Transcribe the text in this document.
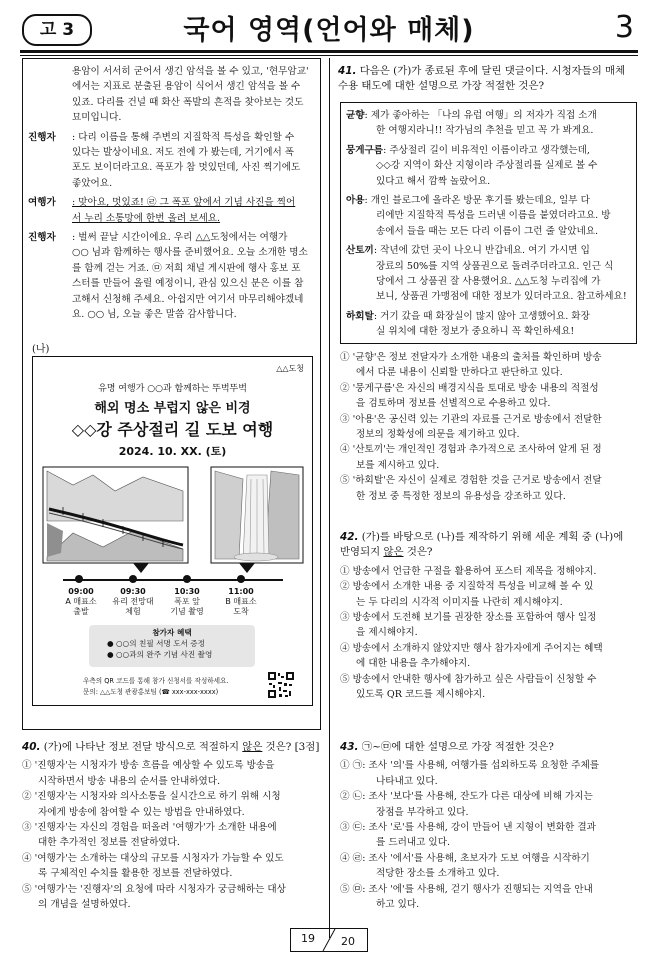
고 3	국어 영역(언어와 매체)	3

용암이 서서히 굳어서 생긴 암석을 볼 수 있고, '현무암교'

에서는 지표로 분출된 용암이 식어서 생긴 암석을 볼 수

있죠. 다리를 건널 때 화산 폭발의 흔적을 찾아보는 것도

묘미입니다.

진행자	: 다리 이름을 통해 주변의 지질학적 특성을 확인할 수

있다는 발상이네요. 저도 전에 가 봤는데, 거기에서 폭

포도 보이더라고요. 폭포가 참 멋있던데, 사진 찍기에도

좋았어요.

여행가	: 맞아요, 멋있죠! ㉣ 그 폭포 앞에서 기념 사진을 찍어

서 누리 소통망에 한번 올려 보세요.

진행자	: 벌써 끝날 시간이에요. 우리 △△도청에서는 여행가

○○ 님과 함께하는 행사를 준비했어요. 오늘 소개한 명소

를 함께 걷는 거죠. ㉤ 저희 채널 게시판에 행사 홍보 포

스터를 만들어 올릴 예정이니, 관심 있으신 분은 이를 참

고해서 신청해 주세요. 아쉽지만 여기서 마무리해야겠네

요. ○○ 님, 오늘 좋은 말씀 감사합니다.

(나)
△△도청
유명 여행가 ○○과 함께하는 뚜벅뚜벅
해외 명소 부럽지 않은 비경
◇◇강 주상절리 길 도보 여행
2024. 10. XX. (토)
09:00
A 매표소
출발
09:30
유리 전망대
체험
10:30
폭포 앞
기념 촬영
11:00
B 매표소
도착
참가자 혜택
● ○○의 친필 서명 도서 증정
● ○○과의 완주 기념 사진 촬영
우측의 QR 코드를 통해 참가 신청서를 작성하세요.
문의: △△도청 관광홍보팀 (☎ xxx-xxx-xxxx)

40. (가)에 나타난 정보 전달 방식으로 적절하지 않은 것은? [3점]

① '진행자'는 시청자가 방송 흐름을 예상할 수 있도록 방송을

시작하면서 방송 내용의 순서를 안내하였다.

② '진행자'는 시청자와 의사소통을 실시간으로 하기 위해 시청

자에게 방송에 참여할 수 있는 방법을 안내하였다.

③ '진행자'는 자신의 경험을 떠올려 '여행가'가 소개한 내용에

대한 추가적인 정보를 전달하였다.

④ '여행가'는 소개하는 대상의 규모를 시청자가 가늠할 수 있도

록 구체적인 수치를 활용한 정보를 전달하였다.

⑤ '여행가'는 '진행자'의 요청에 따라 시청자가 궁금해하는 대상

의 개념을 설명하였다.

41. 다음은 (가)가 종료된 후에 달린 댓글이다. 시청자들의 매체

수용 태도에 대한 설명으로 가장 적절한 것은?

균향 : 제가 좋아하는 「나의 유럽 여행」의 저자가 직접 소개

한 여행지라니!! 작가님의 추천을 믿고 꼭 가 봐게요.

뭉게구름 : 주상절리 길이 비유적인 이름이라고 생각했는데,

◇◇강 지역이 화산 지형이라 주상절리를 실제로 볼 수

있다고 해서 깜짝 놀랐어요.

아용 : 개인 블로그에 올라온 방문 후기를 봤는데요, 일부 다

리에만 지질학적 특성을 드러낸 이름을 붙였더라고요. 방

송에서 들을 때는 모든 다리 이름이 그런 줄 알았네요.

산토끼 : 작년에 갔던 곳이 나오니 반갑네요. 여기 가시면 입

장료의 50%를 지역 상품권으로 돌려주더라고요. 인근 식

당에서 그 상품권 잘 사용했어요. △△도청 누리집에 가

보니, 상품권 가맹점에 대한 정보가 있더라고요. 참고하세요!

하회탈 : 거기 갔을 때 화장실이 많지 않아 고생했어요. 화장

실 위치에 대한 정보가 중요하니 꼭 확인하세요!

① '균향'은 정보 전달자가 소개한 내용의 출처를 확인하며 방송

에서 다룬 내용이 신뢰할 만하다고 판단하고 있다.

② '뭉게구름'은 자신의 배경지식을 토대로 방송 내용의 적절성

을 검토하며 정보를 선별적으로 수용하고 있다.

③ '아용'은 공신력 있는 기관의 자료를 근거로 방송에서 전달한

정보의 정확성에 의문을 제기하고 있다.

④ '산토끼'는 개인적인 경험과 추가적으로 조사하여 알게 된 정

보를 제시하고 있다.

⑤ '하회탈'은 자신이 실제로 경험한 것을 근거로 방송에서 전달

한 정보 중 특정한 정보의 유용성을 강조하고 있다.

42. (가)를 바탕으로 (나)를 제작하기 위해 세운 계획 중 (나)에

반영되지 않은 것은?

① 방송에서 언급한 구절을 활용하여 포스터 제목을 정해야지.

② 방송에서 소개한 내용 중 지질학적 특성을 비교해 볼 수 있

는 두 다리의 시각적 이미지를 나란히 제시해야지.

③ 방송에서 도전해 보기를 권장한 장소를 포함하여 행사 일정

을 제시해야지.

④ 방송에서 소개하지 않았지만 행사 참가자에게 주어지는 혜택

에 대한 내용을 추가해야지.

⑤ 방송에서 안내한 행사에 참가하고 싶은 사람들이 신청할 수

있도록 QR 코드를 제시해야지.

43. ㉠~㉤에 대한 설명으로 가장 적절한 것은?

① ㉠: 조사 '의'를 사용해, 여행가를 섭외하도록 요청한 주체를

나타내고 있다.

② ㉡: 조사 '보다'를 사용해, 잔도가 다른 대상에 비해 가지는

장점을 부각하고 있다.

③ ㉢: 조사 '로'를 사용해, 강이 만들어 낸 지형이 변화한 결과

를 드러내고 있다.

④ ㉣: 조사 '에서'를 사용해, 초보자가 도보 여행을 시작하기

적당한 장소를 소개하고 있다.

⑤ ㉤: 조사 '에'를 사용해, 걷기 행사가 진행되는 지역을 안내

하고 있다.

19 20
